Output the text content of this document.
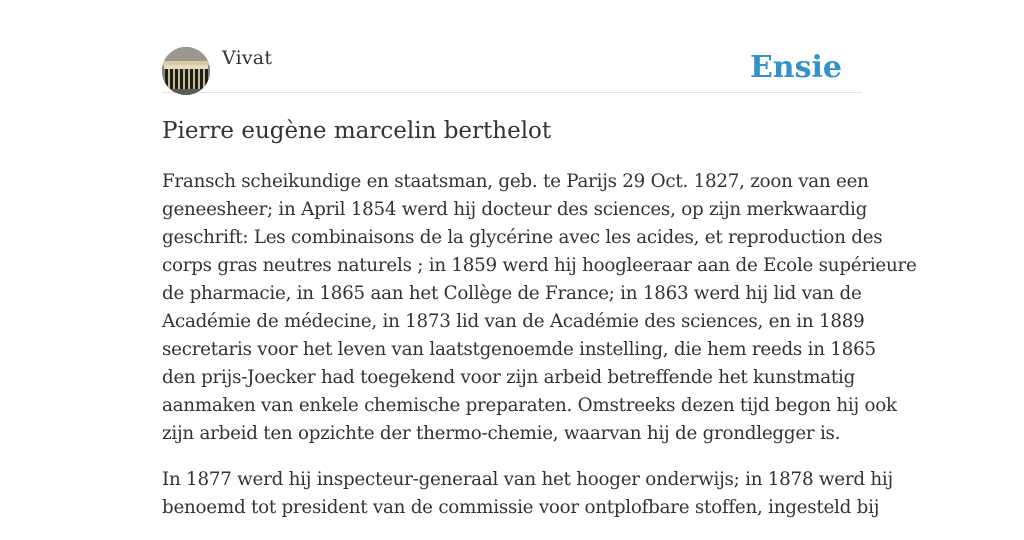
Vivat	Ensie
Pierre eugène marcelin berthelot

Fransch scheikundige en staatsman, geb. te Parijs 29 Oct. 1827, zoon van een
geneesheer; in April 1854 werd hij docteur des sciences, op zijn merkwaardig
geschrift: Les combinaisons de la glycérine avec les acides, et reproduction des
corps gras neutres naturels ; in 1859 werd hij hoogleeraar aan de Ecole supérieure
de pharmacie, in 1865 aan het Collège de France; in 1863 werd hij lid van de
Académie de médecine, in 1873 lid van de Académie des sciences, en in 1889
secretaris voor het leven van laatstgenoemde instelling, die hem reeds in 1865
den prijs-Joecker had toegekend voor zijn arbeid betreffende het kunstmatig
aanmaken van enkele chemische preparaten. Omstreeks dezen tijd begon hij ook
zijn arbeid ten opzichte der thermo-chemie, waarvan hij de grondlegger is.

In 1877 werd hij inspecteur-generaal van het hooger onderwijs; in 1878 werd hij
benoemd tot president van de commissie voor ontplofbare stoffen, ingesteld bij
